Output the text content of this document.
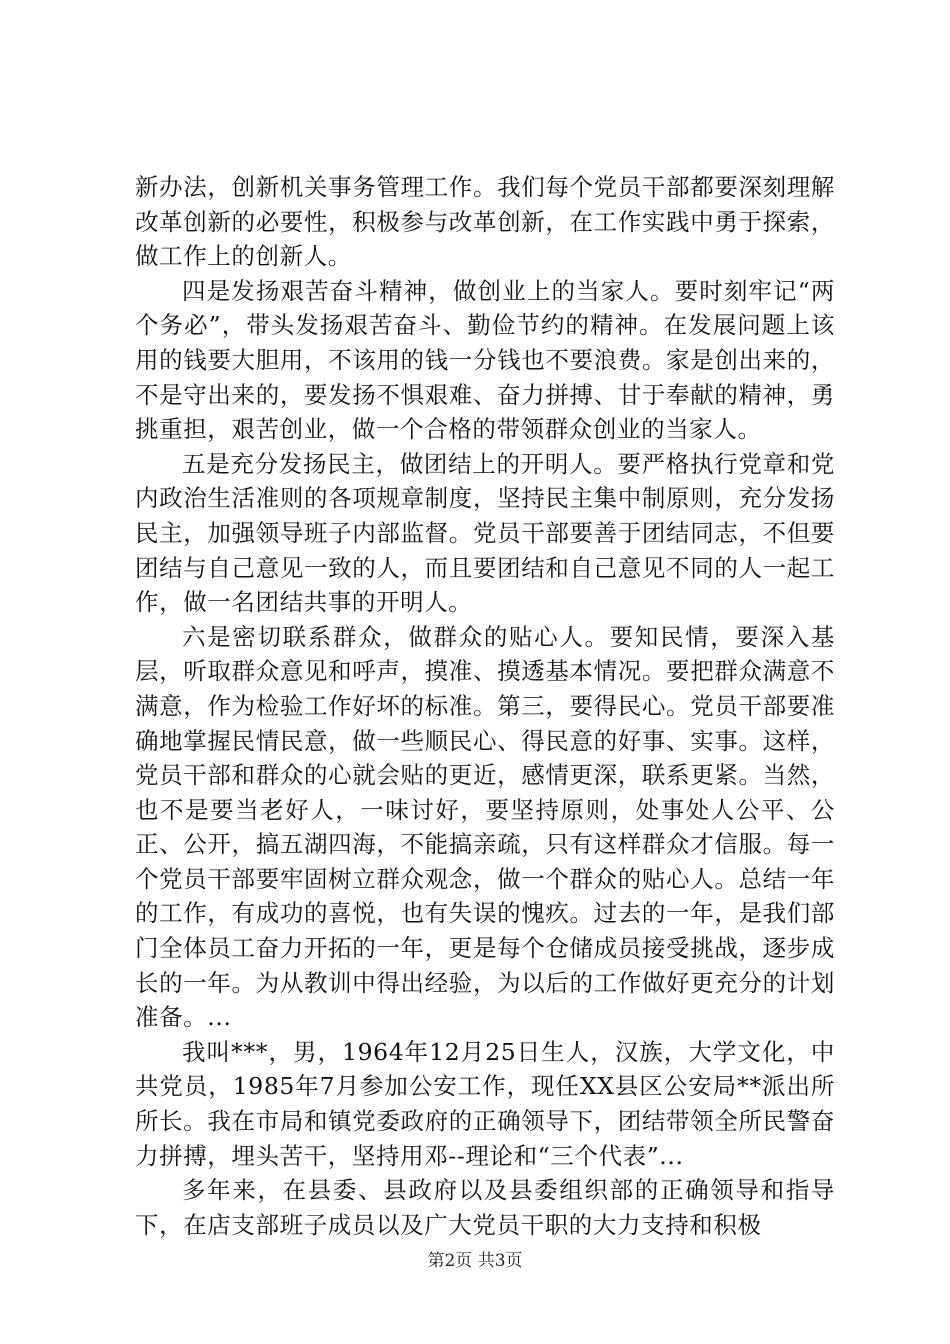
新办法，创新机关事务管理工作。我们每个党员干部都要深刻理解改革创新的必要性，积极参与改革创新，在工作实践中勇于探索，做工作上的创新人。

四是发扬艰苦奋斗精神，做创业上的当家人。要时刻牢记“两个务必”，带头发扬艰苦奋斗、勤俭节约的精神。在发展问题上该用的钱要大胆用，不该用的钱一分钱也不要浪费。家是创出来的，不是守出来的，要发扬不惧艰难、奋力拼搏、甘于奉献的精神，勇挑重担，艰苦创业，做一个合格的带领群众创业的当家人。

五是充分发扬民主，做团结上的开明人。要严格执行党章和党内政治生活准则的各项规章制度，坚持民主集中制原则，充分发扬民主，加强领导班子内部监督。党员干部要善于团结同志，不但要团结与自己意见一致的人，而且要团结和自己意见不同的人一起工作，做一名团结共事的开明人。

六是密切联系群众，做群众的贴心人。要知民情，要深入基层，听取群众意见和呼声，摸准、摸透基本情况。要把群众满意不满意，作为检验工作好坏的标准。第三，要得民心。党员干部要准确地掌握民情民意，做一些顺民心、得民意的好事、实事。这样，党员干部和群众的心就会贴的更近，感情更深，联系更紧。当然，也不是要当老好人，一味讨好，要坚持原则，处事处人公平、公正、公开，搞五湖四海，不能搞亲疏，只有这样群众才信服。每一个党员干部要牢固树立群众观念，做一个群众的贴心人。总结一年的工作，有成功的喜悦，也有失误的愧疚。过去的一年，是我们部门全体员工奋力开拓的一年，更是每个仓储成员接受挑战，逐步成长的一年。为从教训中得出经验，为以后的工作做好更充分的计划准备。...

我叫***，男，1964年12月25日生人，汉族，大学文化，中共党员，1985年7月参加公安工作，现任XX县区公安局**派出所所长。我在市局和镇党委政府的正确领导下，团结带领全所民警奋力拼搏，埋头苦干，坚持用邓--理论和“三个代表”...

多年来，在县委、县政府以及县委组织部的正确领导和指导下，在店支部班子成员以及广大党员干职的大力支持和积极

第2页 共3页
